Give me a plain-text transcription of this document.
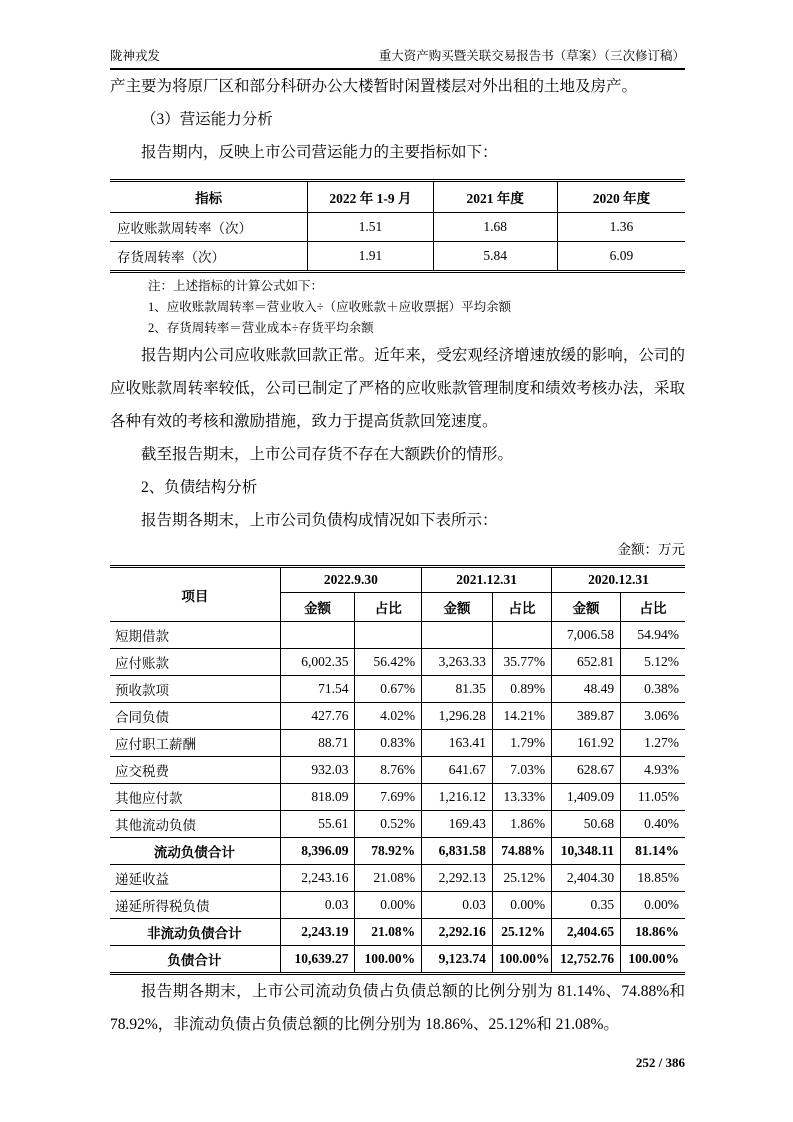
陇神戎发	重大资产购买暨关联交易报告书（草案）（三次修订稿）

产主要为将原厂区和部分科研办公大楼暂时闲置楼层对外出租的土地及房产。

（3）营运能力分析

报告期内，反映上市公司营运能力的主要指标如下：

指标	2022 年 1-9 月	2021 年度	2020 年度
应收账款周转率（次）	1.51	1.68	1.36
存货周转率（次）	1.91	5.84	6.09
注：上述指标的计算公式如下：
1、应收账款周转率＝营业收入÷（应收账款＋应收票据）平均余额
2、存货周转率＝营业成本÷存货平均余额

报告期内公司应收账款回款正常。近年来，受宏观经济增速放缓的影响，公司的应收账款周转率较低，公司已制定了严格的应收账款管理制度和绩效考核办法，采取各种有效的考核和激励措施，致力于提高货款回笼速度。

截至报告期末，上市公司存货不存在大额跌价的情形。

2、负债结构分析

报告期各期末，上市公司负债构成情况如下表所示：

金额：万元
项目	2022.9.30		2021.12.31		2020.12.31	
	金额	占比	金额	占比	金额	占比
短期借款					7,006.58	54.94%
应付账款	6,002.35	56.42%	3,263.33	35.77%	652.81	5.12%
预收款项	71.54	0.67%	81.35	0.89%	48.49	0.38%
合同负债	427.76	4.02%	1,296.28	14.21%	389.87	3.06%
应付职工薪酬	88.71	0.83%	163.41	1.79%	161.92	1.27%
应交税费	932.03	8.76%	641.67	7.03%	628.67	4.93%
其他应付款	818.09	7.69%	1,216.12	13.33%	1,409.09	11.05%
其他流动负债	55.61	0.52%	169.43	1.86%	50.68	0.40%
流动负债合计	8,396.09	78.92%	6,831.58	74.88%	10,348.11	81.14%
递延收益	2,243.16	21.08%	2,292.13	25.12%	2,404.30	18.85%
递延所得税负债	0.03	0.00%	0.03	0.00%	0.35	0.00%
非流动负债合计	2,243.19	21.08%	2,292.16	25.12%	2,404.65	18.86%
负债合计	10,639.27	100.00%	9,123.74	100.00%	12,752.76	100.00%

报告期各期末，上市公司流动负债占负债总额的比例分别为 81.14%、74.88%和 78.92%，非流动负债占负债总额的比例分别为 18.86%、25.12%和 21.08%。

252 / 386
